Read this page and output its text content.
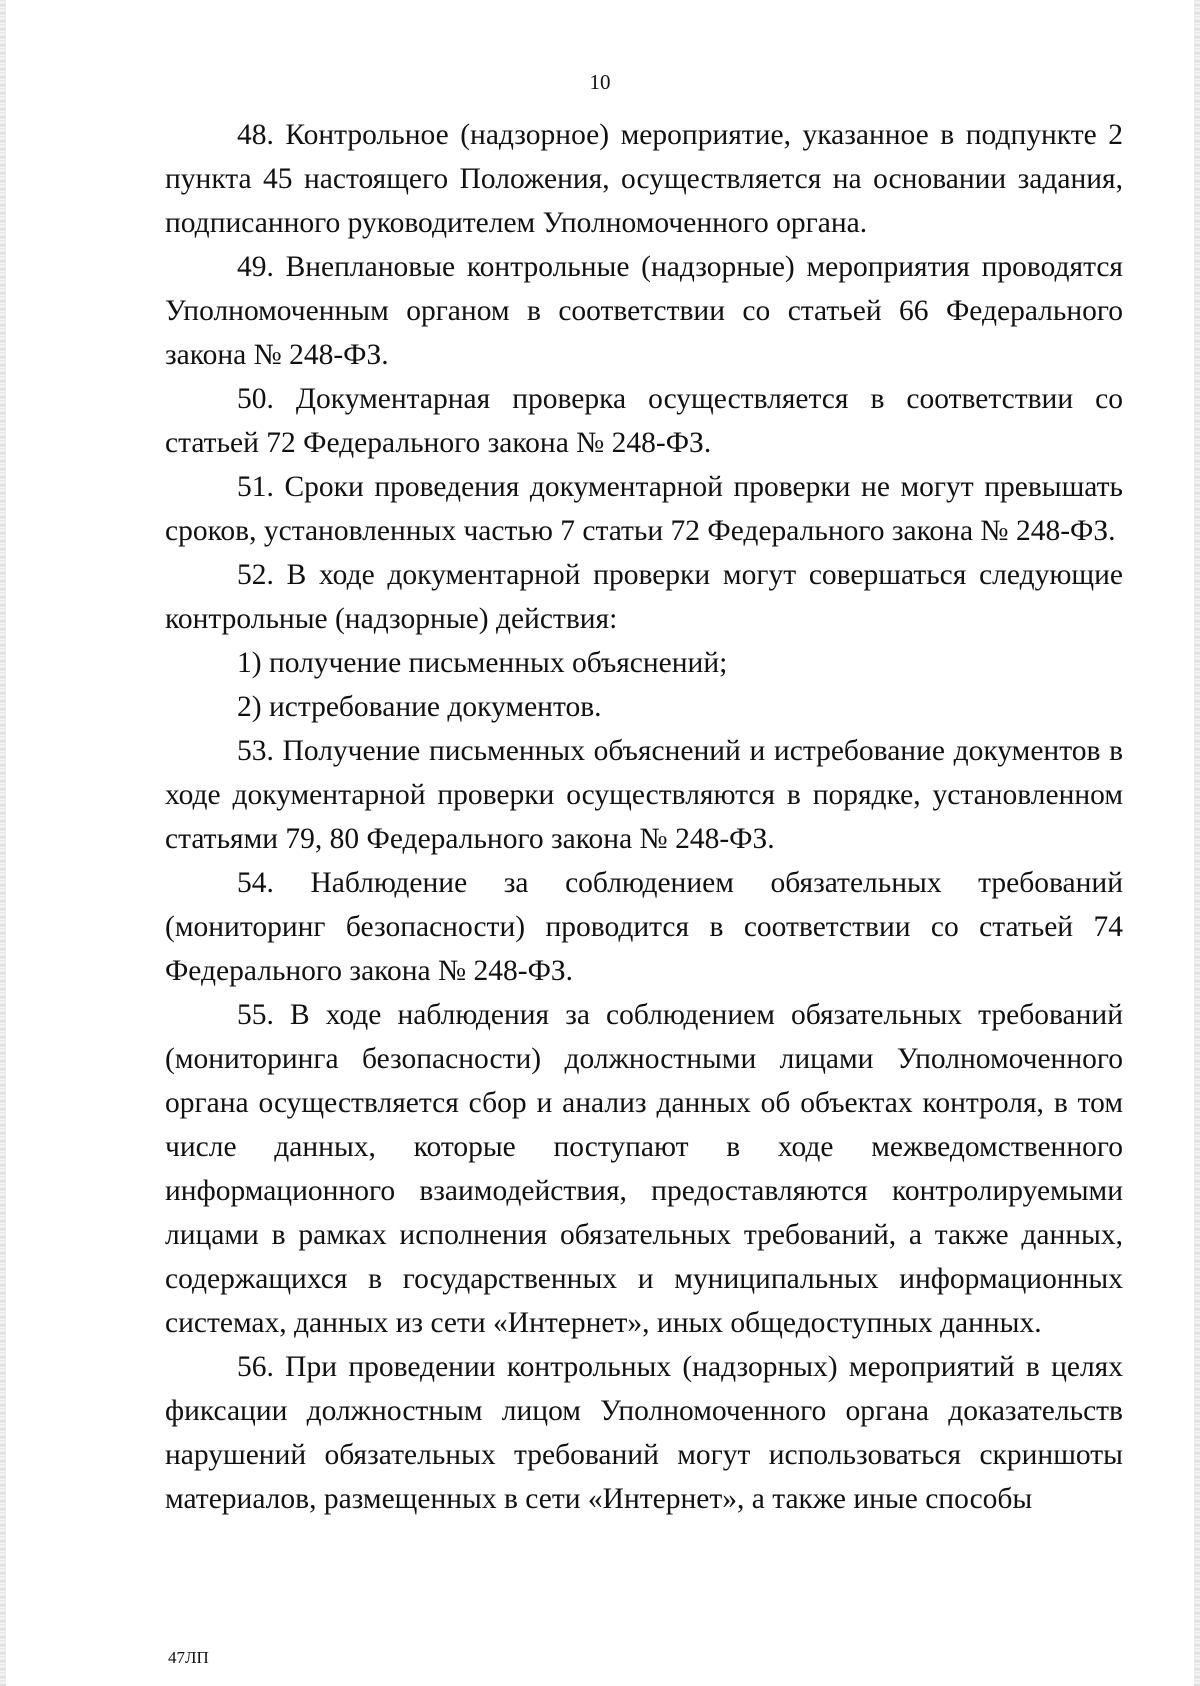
10

48. Контрольное (надзорное) мероприятие, указанное в подпункте 2 пункта 45 настоящего Положения, осуществляется на основании задания, подписанного руководителем Уполномоченного органа.

49. Внеплановые контрольные (надзорные) мероприятия проводятся Уполномоченным органом в соответствии со статьей 66 Федерального закона № 248-ФЗ.

50. Документарная проверка осуществляется в соответствии со статьей 72 Федерального закона № 248-ФЗ.

51. Сроки проведения документарной проверки не могут превышать сроков, установленных частью 7 статьи 72 Федерального закона № 248-ФЗ.

52. В ходе документарной проверки могут совершаться следующие контрольные (надзорные) действия:

1) получение письменных объяснений;

2) истребование документов.

53. Получение письменных объяснений и истребование документов в ходе документарной проверки осуществляются в порядке, установленном статьями 79, 80 Федерального закона № 248-ФЗ.

54. Наблюдение за соблюдением обязательных требований (мониторинг безопасности) проводится в соответствии со статьей 74 Федерального закона № 248-ФЗ.

55. В ходе наблюдения за соблюдением обязательных требований (мониторинга безопасности) должностными лицами Уполномоченного органа осуществляется сбор и анализ данных об объектах контроля, в том числе данных, которые поступают в ходе межведомственного информационного взаимодействия, предоставляются контролируемыми лицами в рамках исполнения обязательных требований, а также данных, содержащихся в государственных и муниципальных информационных системах, данных из сети «Интернет», иных общедоступных данных.

56. При проведении контрольных (надзорных) мероприятий в целях фиксации должностным лицом Уполномоченного органа доказательств нарушений обязательных требований могут использоваться скриншоты материалов, размещенных в сети «Интернет», а также иные способы

47ЛП
